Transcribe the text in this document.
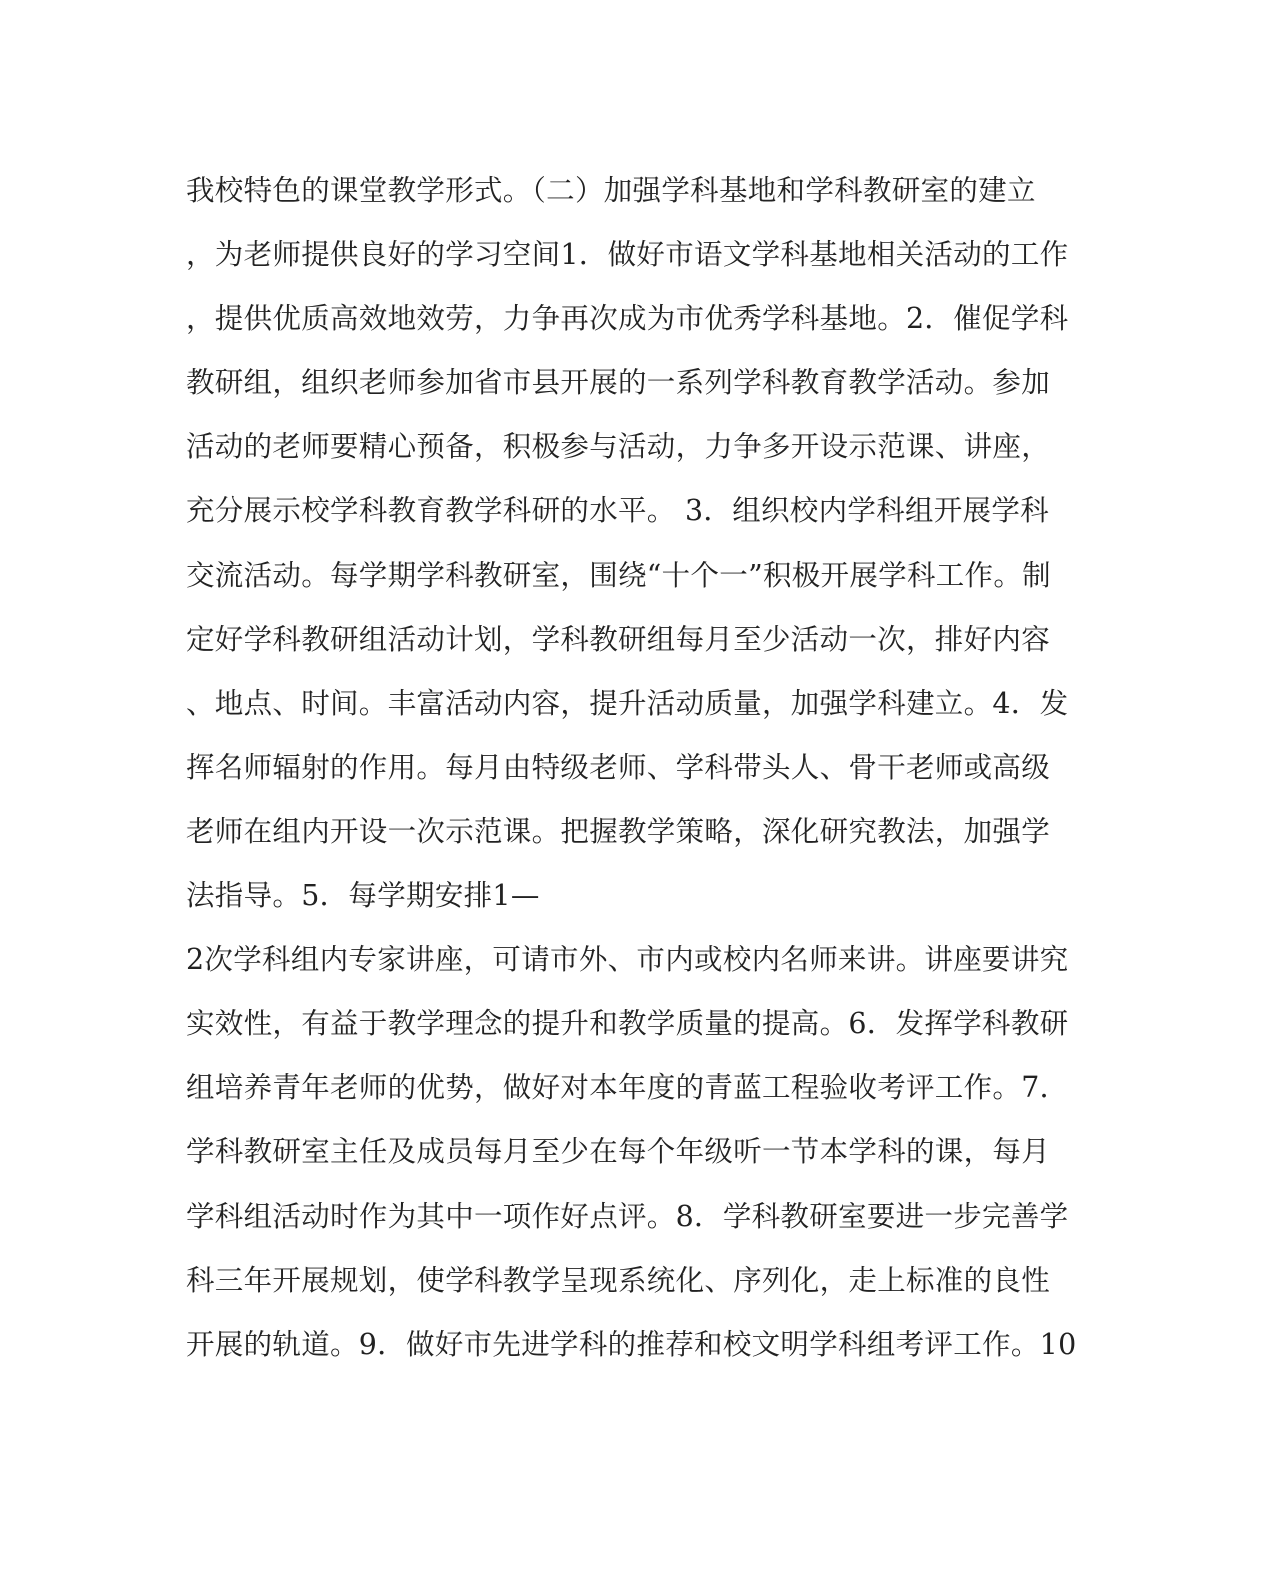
我校特色的课堂教学形式。（二）加强学科基地和学科教研室的建立
，为老师提供良好的学习空间1．做好市语文学科基地相关活动的工作
，提供优质高效地效劳，力争再次成为市优秀学科基地。2．催促学科
教研组，组织老师参加省市县开展的一系列学科教育教学活动。参加
活动的老师要精心预备，积极参与活动，力争多开设示范课、讲座，
充分展示校学科教育教学科研的水平。 3．组织校内学科组开展学科
交流活动。每学期学科教研室，围绕“十个一”积极开展学科工作。制
定好学科教研组活动计划，学科教研组每月至少活动一次，排好内容
、地点、时间。丰富活动内容，提升活动质量，加强学科建立。4．发
挥名师辐射的作用。每月由特级老师、学科带头人、骨干老师或高级
老师在组内开设一次示范课。把握教学策略，深化研究教法，加强学
法指导。5．每学期安排1—
2次学科组内专家讲座，可请市外、市内或校内名师来讲。讲座要讲究
实效性，有益于教学理念的提升和教学质量的提高。6．发挥学科教研
组培养青年老师的优势，做好对本年度的青蓝工程验收考评工作。7．
学科教研室主任及成员每月至少在每个年级听一节本学科的课，每月
学科组活动时作为其中一项作好点评。8．学科教研室要进一步完善学
科三年开展规划，使学科教学呈现系统化、序列化，走上标准的良性
开展的轨道。9．做好市先进学科的推荐和校文明学科组考评工作。10
